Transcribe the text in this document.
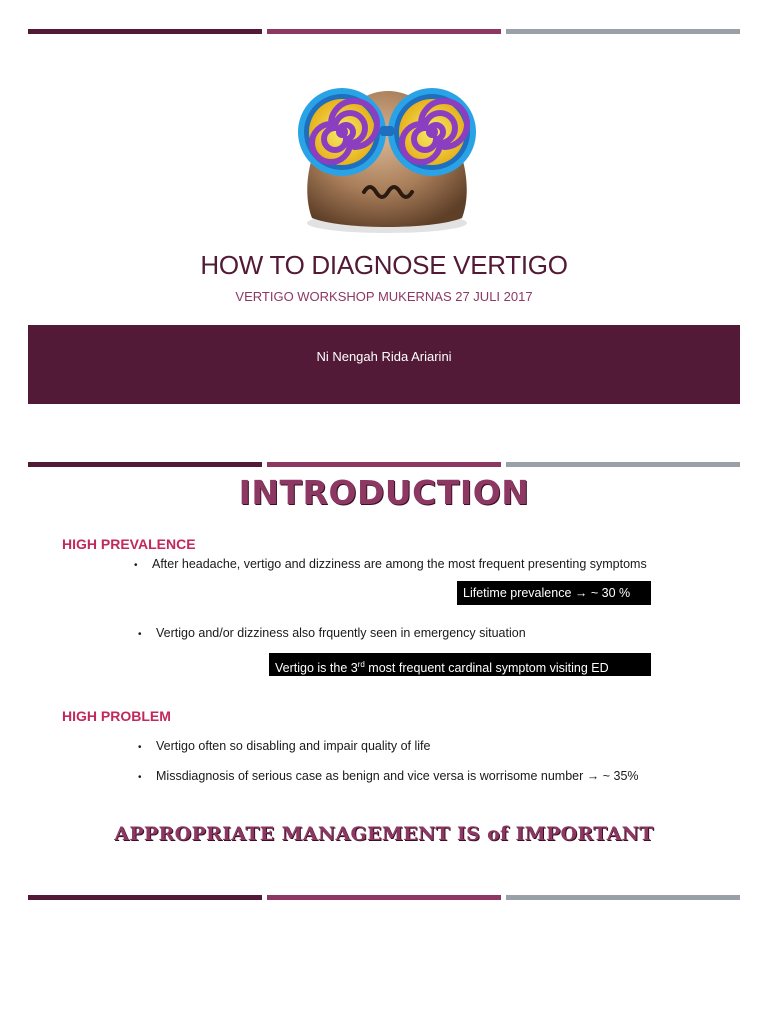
HOW TO DIAGNOSE VERTIGO
VERTIGO WORKSHOP MUKERNAS 27 JULI 2017
Ni Nengah Rida Ariarini
INTRODUCTION
HIGH PREVALENCE
• After headache, vertigo and dizziness are among the most frequent presenting symptoms
Lifetime prevalence → ~ 30 %
• Vertigo and/or dizziness also frquently seen in emergency situation
Vertigo is the 3rd most frequent cardinal symptom visiting ED
HIGH PROBLEM
• Vertigo often so disabling and impair quality of life
• Missdiagnosis of serious case as benign and vice versa is worrisome number → ~ 35%
APPROPRIATE MANAGEMENT IS of IMPORTANT
